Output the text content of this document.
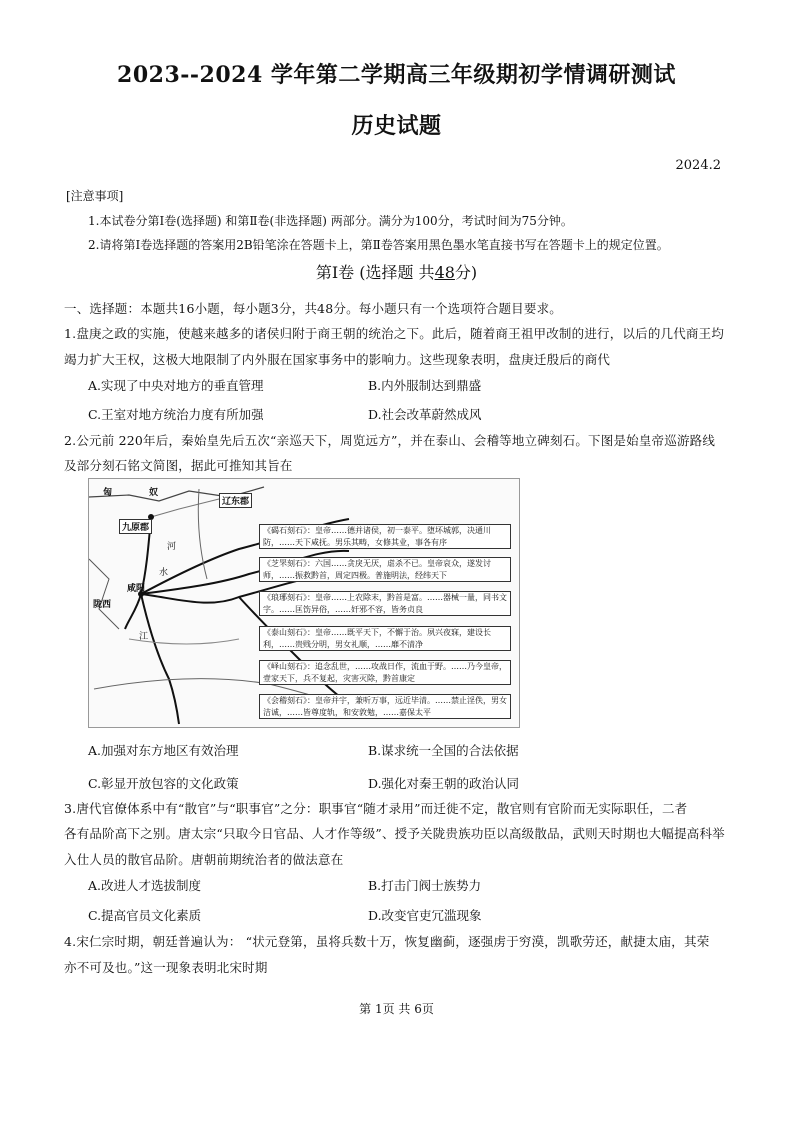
2023--2024 学年第二学期高三年级期初学情调研测试
历史试题
2024.2
[注意事项]
1.本试卷分第Ⅰ卷(选择题) 和第Ⅱ卷(非选择题) 两部分。满分为100分，考试时间为75分钟。
2.请将第Ⅰ卷选择题的答案用2B铅笔涂在答题卡上，第Ⅱ卷答案用黑色墨水笔直接书写在答题卡上的规定位置。
第Ⅰ卷 (选择题 共48分)
一、选择题：本题共16小题，每小题3分，共48分。每小题只有一个选项符合题目要求。
1.盘庚之政的实施，使越来越多的诸侯归附于商王朝的统治之下。此后，随着商王祖甲改制的进行，以后的几代商王均
竭力扩大王权，这极大地限制了内外服在国家事务中的影响力。这些现象表明，盘庚迁殷后的商代
A.实现了中央对地方的垂直管理	B.内外服制达到鼎盛
C.王室对地方统治力度有所加强	D.社会改革蔚然成风
2.公元前 220年后，秦始皇先后五次“亲巡天下，周览远方”，并在泰山、会稽等地立碑刻石。下图是始皇帝巡游路线
及部分刻石铭文简图，据此可推知其旨在
匈	奴
辽东郡
九原郡
咸阳
陇西
河
水
江
《碣石刻石》：皇帝……德并诸侯，初一泰平。堕坏城郭，决通川防，……天下咸抚。男乐其畴，女修其业，事各有序
《芝罘刻石》：六国……贪戾无厌，虐杀不已。皇帝哀众，遂发讨师，……振救黔首，周定四极。普施明法，经纬天下
《琅琊刻石》：皇帝……上农除末，黔首是富。……器械一量，同书文字。……匡饬异俗，……奸邪不容，皆务贞良
《泰山刻石》：皇帝……既平天下，不懈于治。夙兴夜寐，建设长利，……贵贱分明，男女礼顺，……靡不清净
《峄山刻石》：追念乱世，……攻战日作，流血于野。……乃今皇帝，壹家天下，兵不复起，灾害灭除，黔首康定
《会稽刻石》：皇帝并宇，兼听万事，远近毕清。……禁止淫佚，男女洁诚，……皆尊度轨，和安敦勉，……嘉保太平
A.加强对东方地区有效治理	B.谋求统一全国的合法依据
C.彰显开放包容的文化政策	D.强化对秦王朝的政治认同
3.唐代官僚体系中有“散官”与“职事官”之分：职事官“随才录用”而迁徙不定，散官则有官阶而无实际职任，二者
各有品阶高下之别。唐太宗“只取今日官品、人才作等级”、授予关陇贵族功臣以高级散品，武则天时期也大幅提高科举
入仕人员的散官品阶。唐朝前期统治者的做法意在
A.改进人才选拔制度	B.打击门阀士族势力
C.提高官员文化素质	D.改变官吏冗滥现象
4.宋仁宗时期，朝廷普遍认为： “状元登第，虽将兵数十万，恢复幽蓟，逐强虏于穷漠，凯歌劳还，献捷太庙，其荣
亦不可及也。”这一现象表明北宋时期
第 1页 共 6页
